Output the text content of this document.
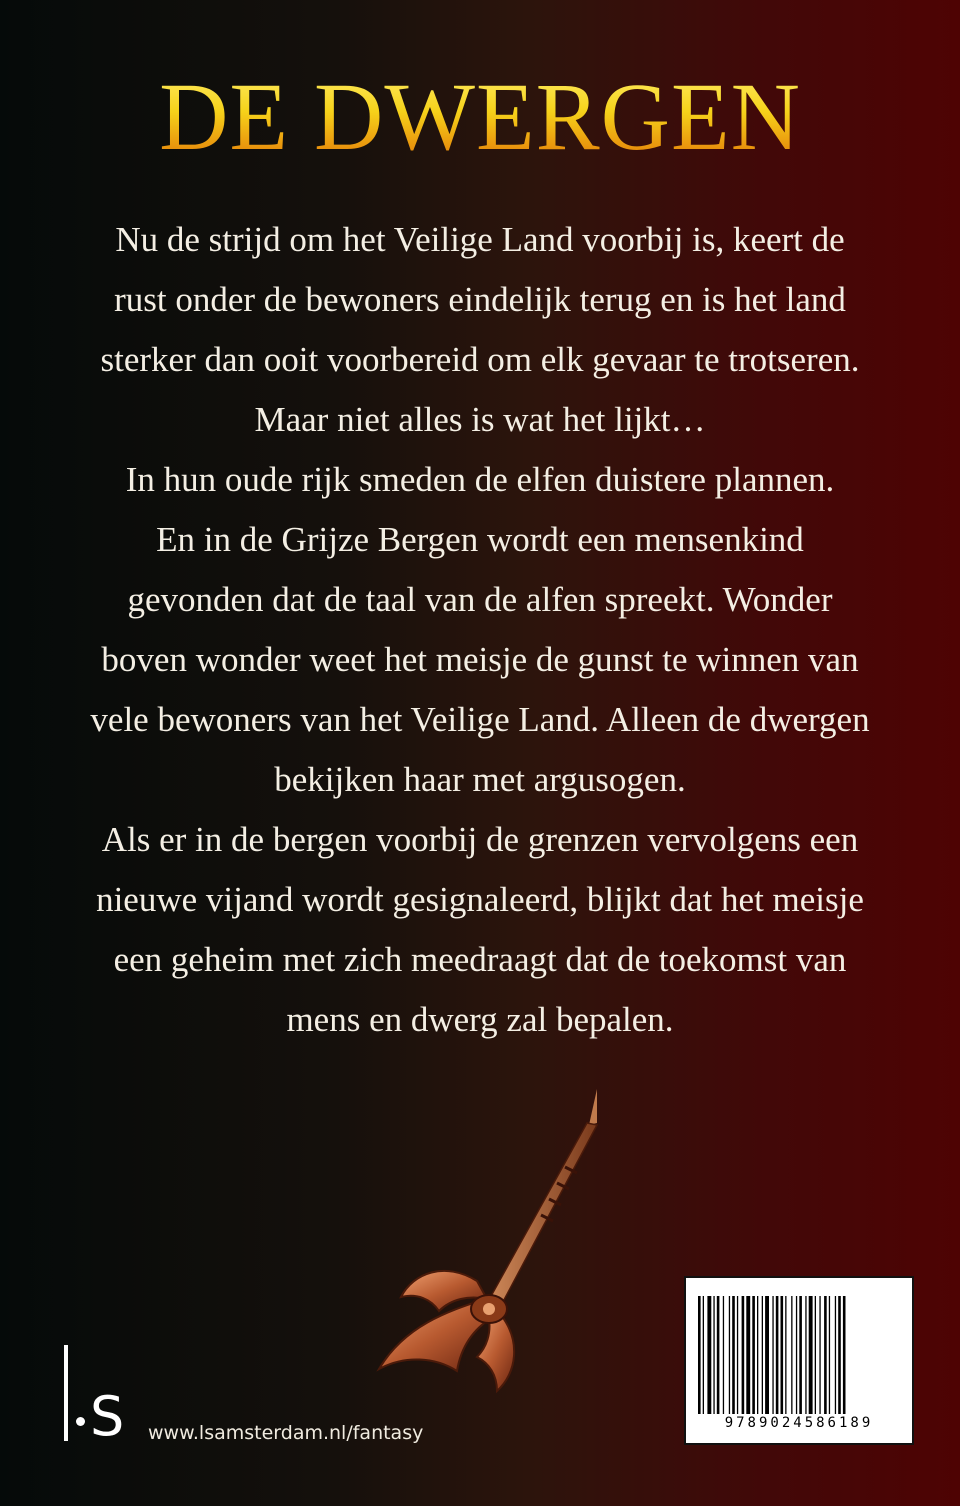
DE DWERGEN

Nu de strijd om het Veilige Land voorbij is, keert de

rust onder de bewoners eindelijk terug en is het land

sterker dan ooit voorbereid om elk gevaar te trotseren.

Maar niet alles is wat het lijkt…

In hun oude rijk smeden de elfen duistere plannen.

En in de Grijze Bergen wordt een mensenkind

gevonden dat de taal van de alfen spreekt. Wonder

boven wonder weet het meisje de gunst te winnen van

vele bewoners van het Veilige Land. Alleen de dwergen

bekijken haar met argusogen.

Als er in de bergen voorbij de grenzen vervolgens een

nieuwe vijand wordt gesignaleerd, blijkt dat het meisje

een geheim met zich meedraagt dat de toekomst van

mens en dwerg zal bepalen.

S www.lsamsterdam.nl/fantasy	9789024586189
